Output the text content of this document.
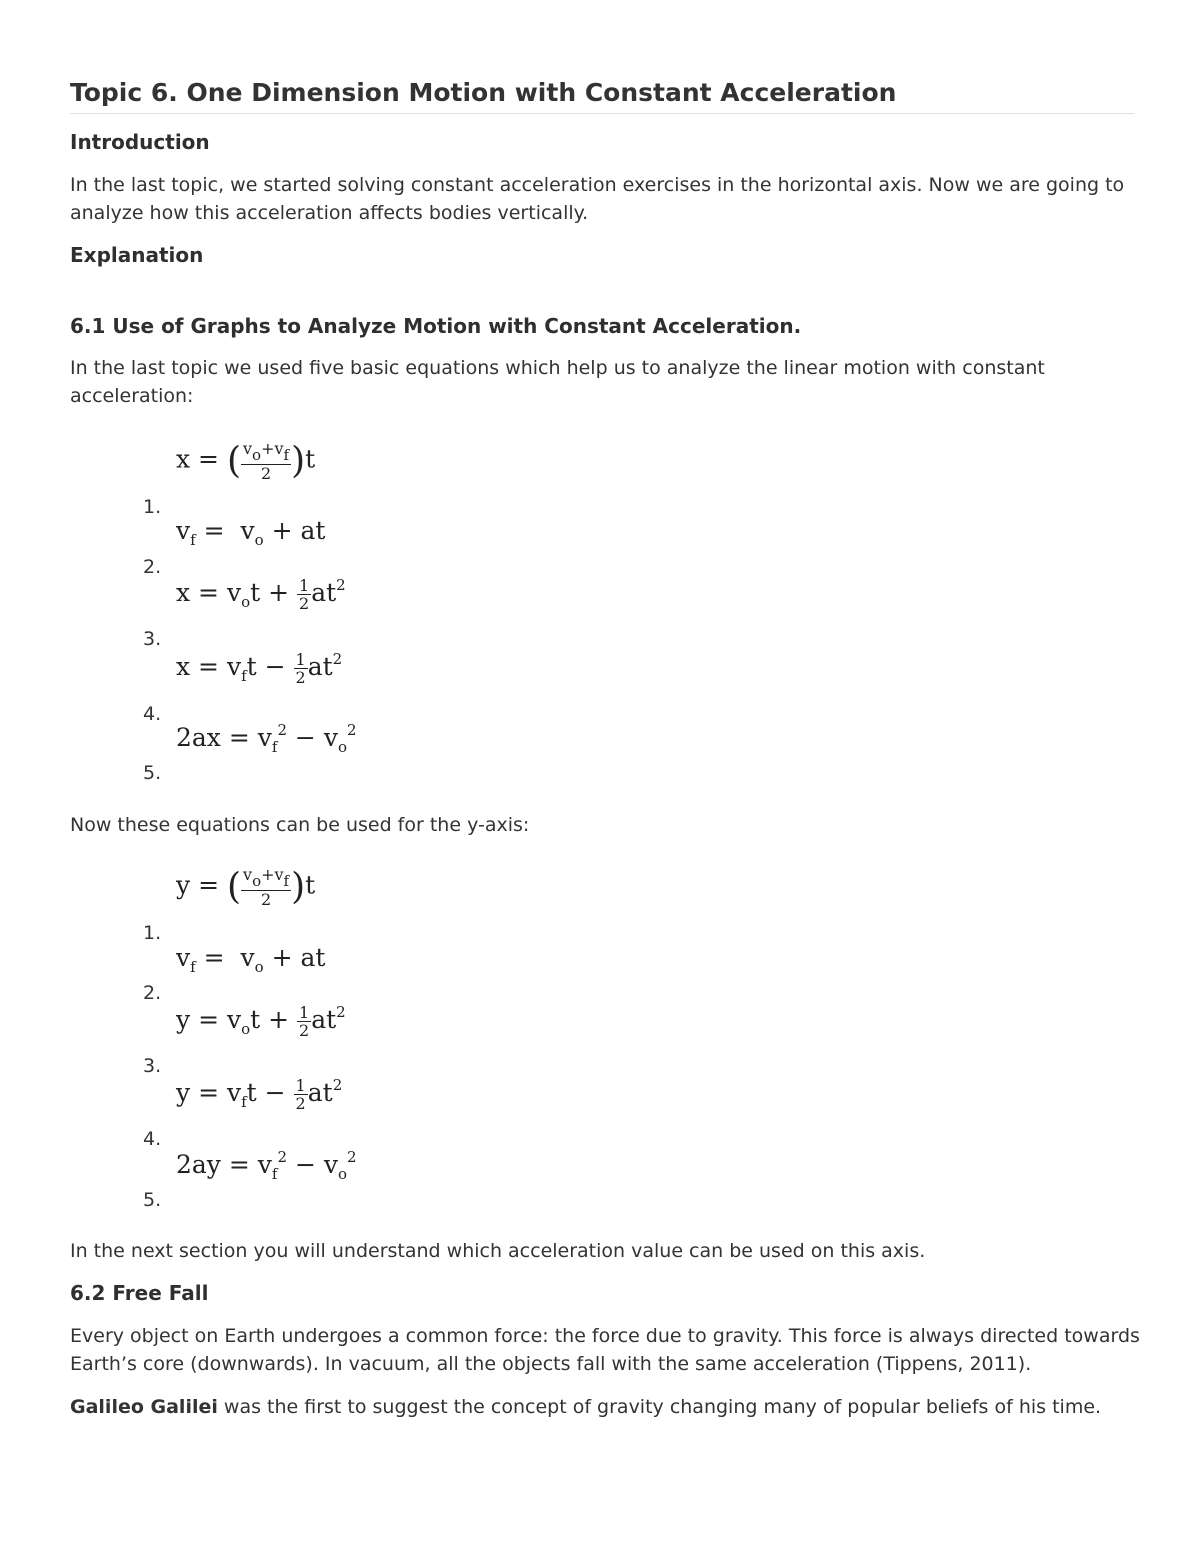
Topic 6. One Dimension Motion with Constant Acceleration
Introduction
In the last topic, we started solving constant acceleration exercises in the horizontal axis. Now we are going to analyze how this acceleration affects bodies vertically.
Explanation
6.1 Use of Graphs to Analyze Motion with Constant Acceleration.
In the last topic we used five basic equations which help us to analyze the linear motion with constant acceleration:
x = ( $\frac{v_o+v_f}{2} )t$
1.
$v_f = v_o$ + at
2.
$x = v_ot + \frac{1}{2} at^2$
3.
$x = v_ft - \frac{1}{2} at^2$
4.
$2ax = v_f^2 - v_o^2$
5.
Now these equations can be used for the y-axis:
y = ( $\frac{v_o+v_f}{2} )t$
1.
$v_f = v_o$ + at
2.
$y = v_ot + \frac{1}{2} at^2$
3.
$y = v_ft - \frac{1}{2} at^2$
4.
$2ay = v_f^2 - v_o^2$
5.
In the next section you will understand which acceleration value can be used on this axis.
6.2 Free Fall
Every object on Earth undergoes a common force: the force due to gravity. This force is always directed towards Earth’s core (downwards). In vacuum, all the objects fall with the same acceleration (Tippens, 2011).
Galileo Galilei was the first to suggest the concept of gravity changing many of popular beliefs of his time.
